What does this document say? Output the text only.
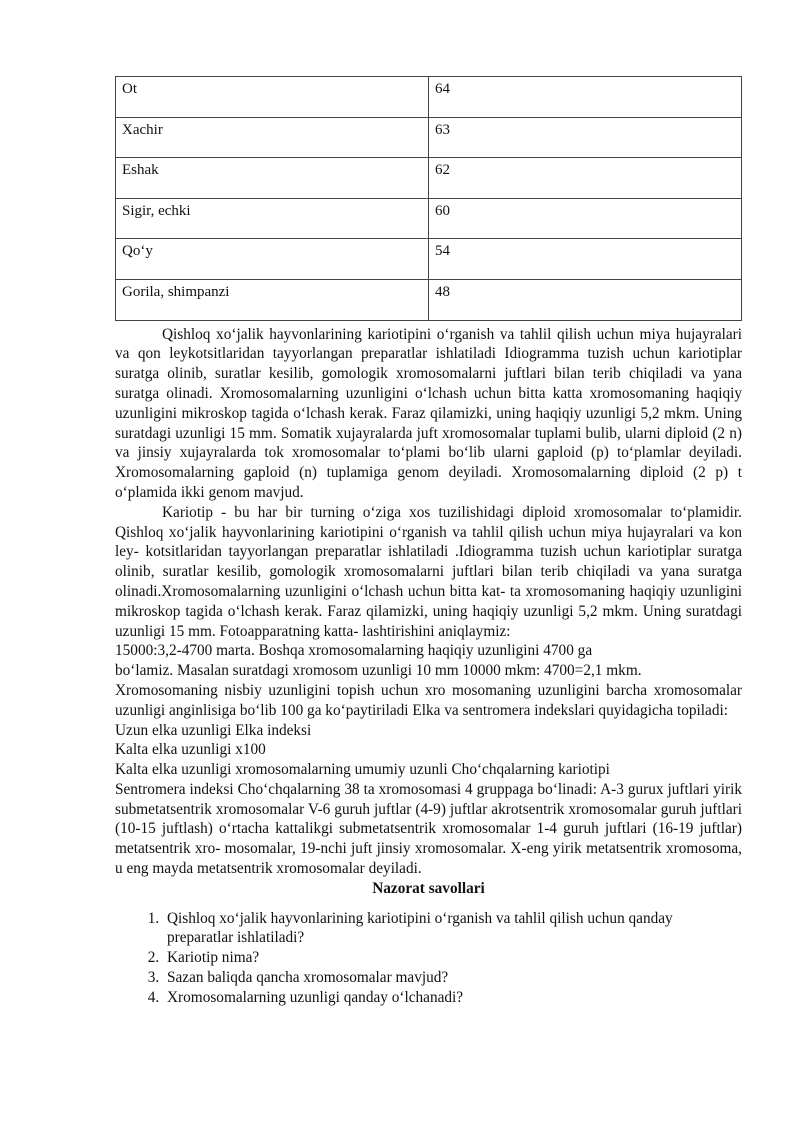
Ot	64
Xachir	63
Eshak	62
Sigir, echki	60
Qo‘y	54
Gorila, shimpanzi	48

Qishloq xo‘jalik hayvonlarining kariotipini o‘rganish va tahlil qilish uchun miya hujayralari va qon leykotsitlaridan tayyorlangan preparatlar ishlatiladi Idiogramma tuzish uchun kariotiplar suratga olinib, suratlar kesilib, gomologik xromosomalarni juftlari bilan terib chiqiladi va yana suratga olinadi. Xromosomalarning uzunligini o‘lchash uchun bitta katta xromosomaning haqiqiy uzunligini mikroskop tagida o‘lchash kerak. Faraz qilamizki, uning haqiqiy uzunligi 5,2 mkm. Uning suratdagi uzunligi 15 mm. Somatik xujayralarda juft xromosomalar tuplami bulib, ularni diploid (2 n) va jinsiy xujayralarda tok xromosomalar to‘plami bo‘lib ularni gaploid (p) to‘plamlar deyiladi. Xromosomalarning gaploid (n) tuplamiga genom deyiladi. Xromosomalarning diploid (2 p) t o‘plamida ikki genom mavjud.

Kariotip - bu har bir turning o‘ziga xos tuzilishidagi diploid xromosomalar to‘plamidir. Qishloq xo‘jalik hayvonlarining kariotipini o‘rganish va tahlil qilish uchun miya hujayralari va kon ley- kotsitlaridan tayyorlangan preparatlar ishlatiladi .Idiogramma tuzish uchun kariotiplar suratga olinib, suratlar kesilib, gomologik xromosomalarni juftlari bilan terib chiqiladi va yana suratga olinadi.Xromosomalarning uzunligini o‘lchash uchun bitta kat- ta xromosomaning haqiqiy uzunligini mikroskop tagida o‘lchash kerak. Faraz qilamizki, uning haqiqiy uzunligi 5,2 mkm. Uning suratdagi uzunligi 15 mm. Fotoapparatning katta- lashtirishini aniqlaymiz:

15000:3,2-4700 marta. Boshqa xromosomalarning haqiqiy uzunligini 4700 ga

bo‘lamiz. Masalan suratdagi xromosom uzunligi 10 mm 10000 mkm: 4700=2,1 mkm.

Xromosomaning nisbiy uzunligini topish uchun xro mosomaning uzunligini barcha xromosomalar uzunligi anginlisiga bo‘lib 100 ga ko‘paytiriladi Elka va sentromera indekslari quyidagicha topiladi:

Uzun elka uzunligi Elka indeksi

Kalta elka uzunligi x100

Kalta elka uzunligi xromosomalarning umumiy uzunli Cho‘chqalarning kariotipi

Sentromera indeksi Cho‘chqalarning 38 ta xromosomasi 4 gruppaga bo‘linadi: A-3 gurux juftlari yirik submetatsentrik xromosomalar V-6 guruh juftlar (4-9) juftlar akrotsentrik xromosomalar guruh juftlari (10-15 juftlash) o‘rtacha kattalikgi submetatsentrik xromosomalar 1-4 guruh juftlari (16-19 juftlar) metatsentrik xro- mosomalar, 19-nchi juft jinsiy xromosomalar. X-eng yirik metatsentrik xromosoma, u eng mayda metatsentrik xromosomalar deyiladi.

Nazorat savollari
1. Qishloq xo‘jalik hayvonlarining kariotipini o‘rganish va tahlil qilish uchun qanday preparatlar ishlatiladi?
2. Kariotip nima?
3. Sazan baliqda qancha xromosomalar mavjud?
4. Xromosomalarning uzunligi qanday o‘lchanadi?
